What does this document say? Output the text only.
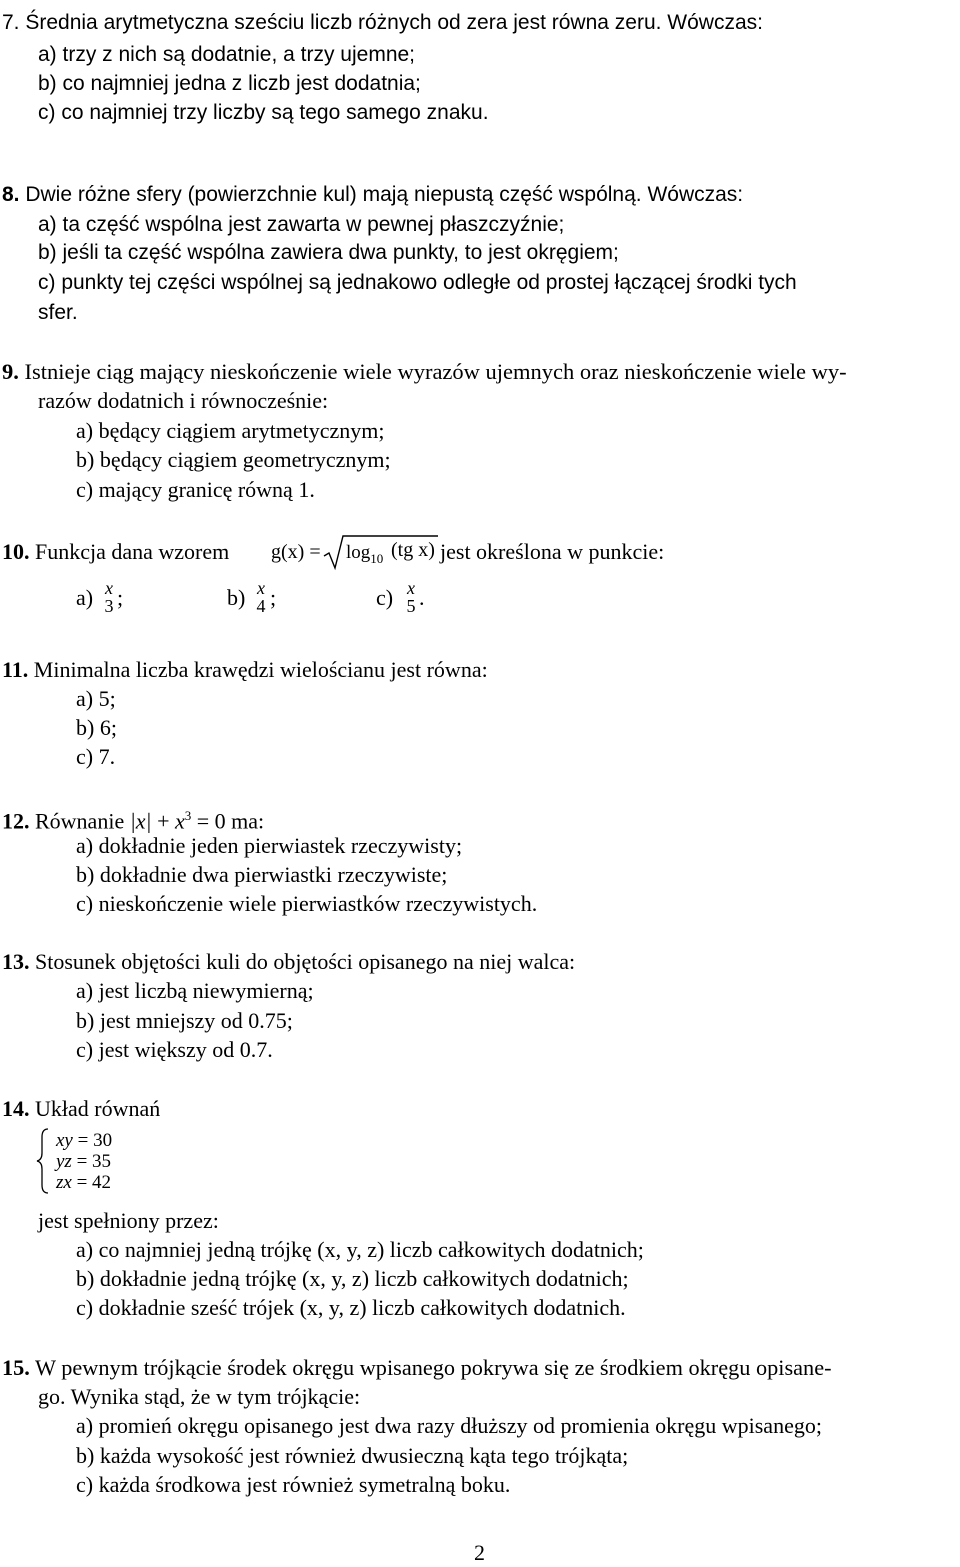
7. Średnia arytmetyczna sześciu liczb różnych od zera jest równa zeru. Wówczas:
a) trzy z nich są dodatnie, a trzy ujemne;
b) co najmniej jedna z liczb jest dodatnia;
c) co najmniej trzy liczby są tego samego znaku.
8. Dwie różne sfery (powierzchnie kul) mają niepustą część wspólną. Wówczas:
a) ta część wspólna jest zawarta w pewnej płaszczyźnie;
b) jeśli ta część wspólna zawiera dwa punkty, to jest okręgiem;
c) punkty tej części wspólnej są jednakowo odległe od prostej łączącej środki tych
sfer.
9. Istnieje ciąg mający nieskończenie wiele wyrazów ujemnych oraz nieskończenie wiele wy-
razów dodatnich i równocześnie:
a) będący ciągiem arytmetycznym;
b) będący ciągiem geometrycznym;
c) mający granicę równą 1.
10. Funkcja dana wzorem $g(x) = \log_{10} (tg$ x) jest określona w punkcie:
a) x
3 ;	b) x
4 ;	c) x
5 .
11. Minimalna liczba krawędzi wielościanu jest równa:
a) 5;
b) 6;
c) 7.
12. Równanie $|x| + x^3 = 0$ ma:
a) dokładnie jeden pierwiastek rzeczywisty;
b) dokładnie dwa pierwiastki rzeczywiste;
c) nieskończenie wiele pierwiastków rzeczywistych.
13. Stosunek objętości kuli do objętości opisanego na niej walca:
a) jest liczbą niewymierną;
b) jest mniejszy od 0.75;
c) jest większy od 0.7.
14. Układ równań
xy = 30
yz = 35
zx = 42
jest spełniony przez:
a) co najmniej jedną trójkę (x, y, z) liczb całkowitych dodatnich;
b) dokładnie jedną trójkę (x, y, z) liczb całkowitych dodatnich;
c) dokładnie sześć trójek (x, y, z) liczb całkowitych dodatnich.
15. W pewnym trójkącie środek okręgu wpisanego pokrywa się ze środkiem okręgu opisane-
go. Wynika stąd, że w tym trójkącie:
a) promień okręgu opisanego jest dwa razy dłuższy od promienia okręgu wpisanego;
b) każda wysokość jest również dwusieczną kąta tego trójkąta;
c) każda środkowa jest również symetralną boku.
2
